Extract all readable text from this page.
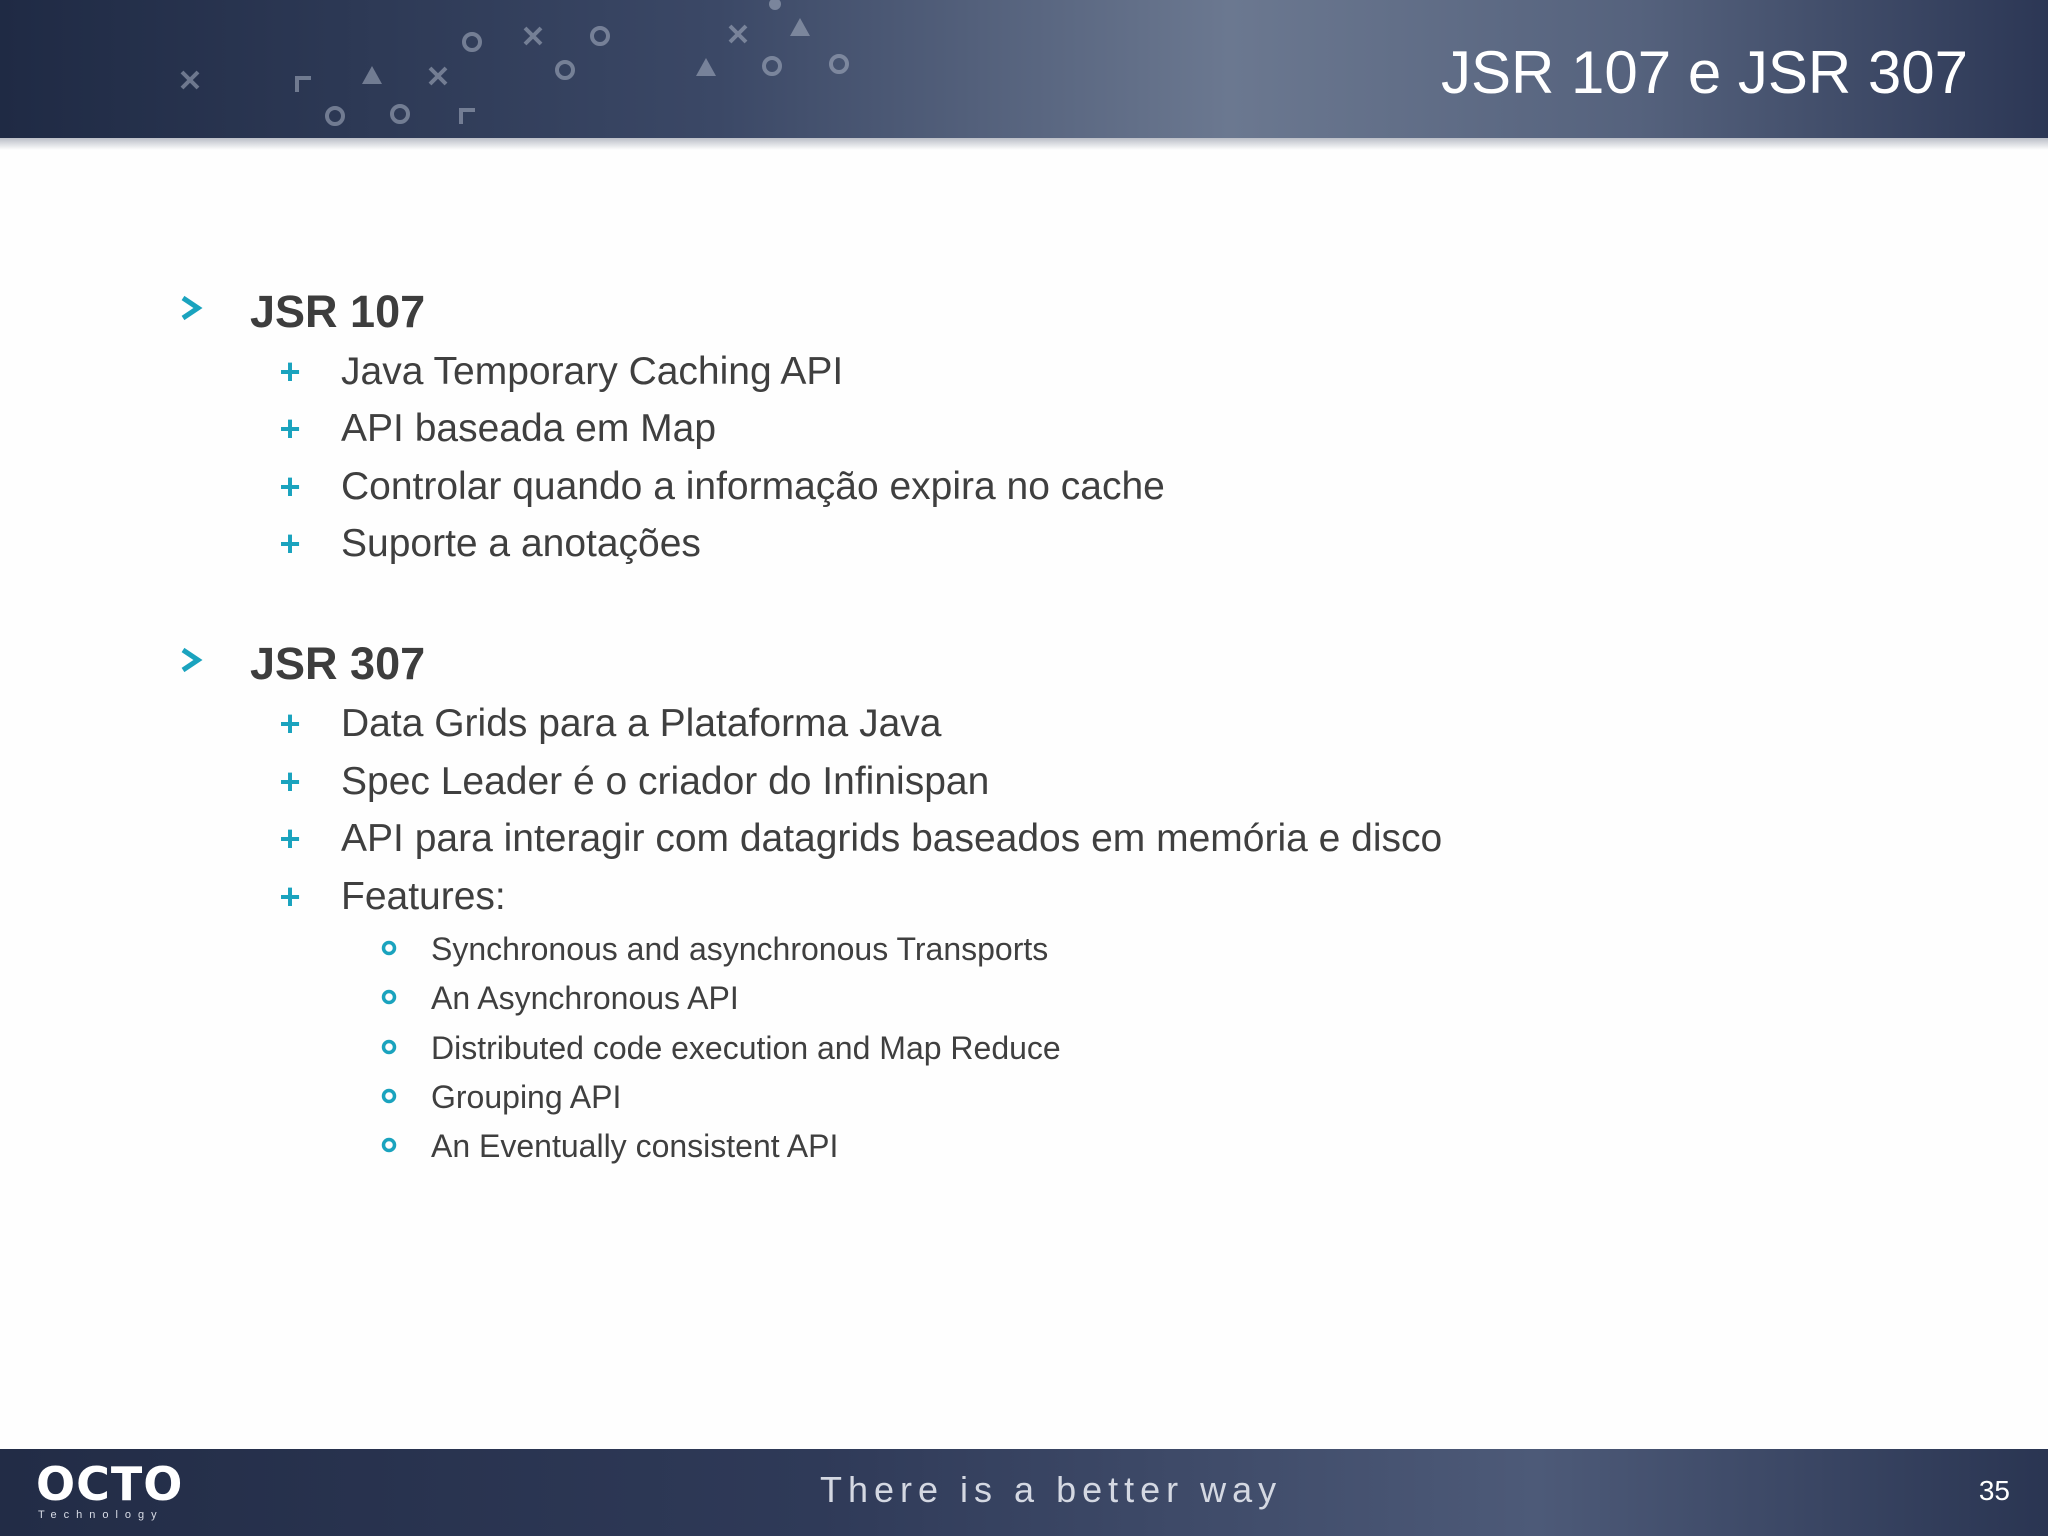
JSR 107 e JSR 307
JSR 107
+ Java Temporary Caching API
+ API baseada em Map
+ Controlar quando a informação expira no cache
+ Suporte a anotações
JSR 307
+ Data Grids para a Plataforma Java
+ Spec Leader é o criador do Infinispan
+ API para interagir com datagrids baseados em memória e disco
+ Features:
Synchronous and asynchronous Transports
An Asynchronous API
Distributed code execution and Map Reduce
Grouping API
An Eventually consistent API
OCTO
Technology
There is a better way	35
